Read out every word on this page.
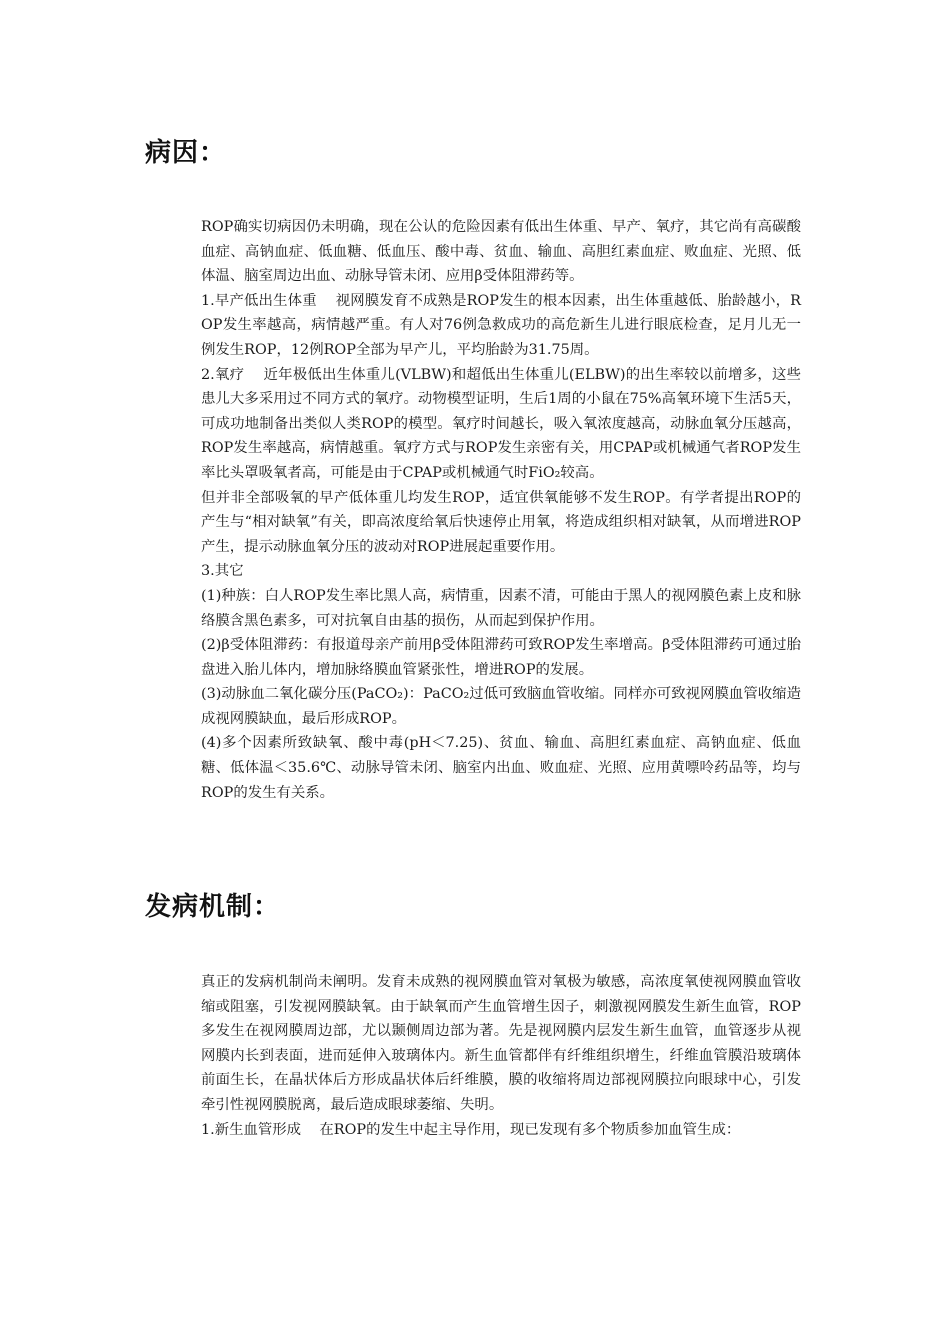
病因：

ROP确实切病因仍未明确，现在公认的危险因素有低出生体重、早产、氧疗，其它尚有高碳酸血症、高钠血症、低血糖、低血压、酸中毒、贫血、输血、高胆红素血症、败血症、光照、低体温、脑室周边出血、动脉导管未闭、应用β受体阻滞药等。

1.早产低出生体重    视网膜发育不成熟是ROP发生的根本因素，出生体重越低、胎龄越小，ROP发生率越高，病情越严重。有人对76例急救成功的高危新生儿进行眼底检查，足月儿无一例发生ROP，12例ROP全部为早产儿，平均胎龄为31.75周。

2.氧疗    近年极低出生体重儿(VLBW)和超低出生体重儿(ELBW)的出生率较以前增多，这些患儿大多采用过不同方式的氧疗。动物模型证明，生后1周的小鼠在75%高氧环境下生活5天，可成功地制备出类似人类ROP的模型。氧疗时间越长，吸入氧浓度越高，动脉血氧分压越高，ROP发生率越高，病情越重。氧疗方式与ROP发生亲密有关，用CPAP或机械通气者ROP发生率比头罩吸氧者高，可能是由于CPAP或机械通气时FiO₂较高。

但并非全部吸氧的早产低体重儿均发生ROP，适宜供氧能够不发生ROP。有学者提出ROP的产生与“相对缺氧”有关，即高浓度给氧后快速停止用氧，将造成组织相对缺氧，从而增进ROP产生，提示动脉血氧分压的波动对ROP进展起重要作用。

3.其它

(1)种族：白人ROP发生率比黑人高，病情重，因素不清，可能由于黑人的视网膜色素上皮和脉络膜含黑色素多，可对抗氧自由基的损伤，从而起到保护作用。

(2)β受体阻滞药：有报道母亲产前用β受体阻滞药可致ROP发生率增高。β受体阻滞药可通过胎盘进入胎儿体内，增加脉络膜血管紧张性，增进ROP的发展。

(3)动脉血二氧化碳分压(PaCO₂)：PaCO₂过低可致脑血管收缩。同样亦可致视网膜血管收缩造成视网膜缺血，最后形成ROP。

(4)多个因素所致缺氧、酸中毒(pH＜7.25)、贫血、输血、高胆红素血症、高钠血症、低血糖、低体温＜35.6℃、动脉导管未闭、脑室内出血、败血症、光照、应用黄嘌呤药品等，均与ROP的发生有关系。

发病机制：

真正的发病机制尚未阐明。发育未成熟的视网膜血管对氧极为敏感，高浓度氧使视网膜血管收缩或阻塞，引发视网膜缺氧。由于缺氧而产生血管增生因子，刺激视网膜发生新生血管，ROP多发生在视网膜周边部，尤以颞侧周边部为著。先是视网膜内层发生新生血管，血管逐步从视网膜内长到表面，进而延伸入玻璃体内。新生血管都伴有纤维组织增生，纤维血管膜沿玻璃体前面生长，在晶状体后方形成晶状体后纤维膜，膜的收缩将周边部视网膜拉向眼球中心，引发牵引性视网膜脱离，最后造成眼球萎缩、失明。

1.新生血管形成    在ROP的发生中起主导作用，现已发现有多个物质参加血管生成：
